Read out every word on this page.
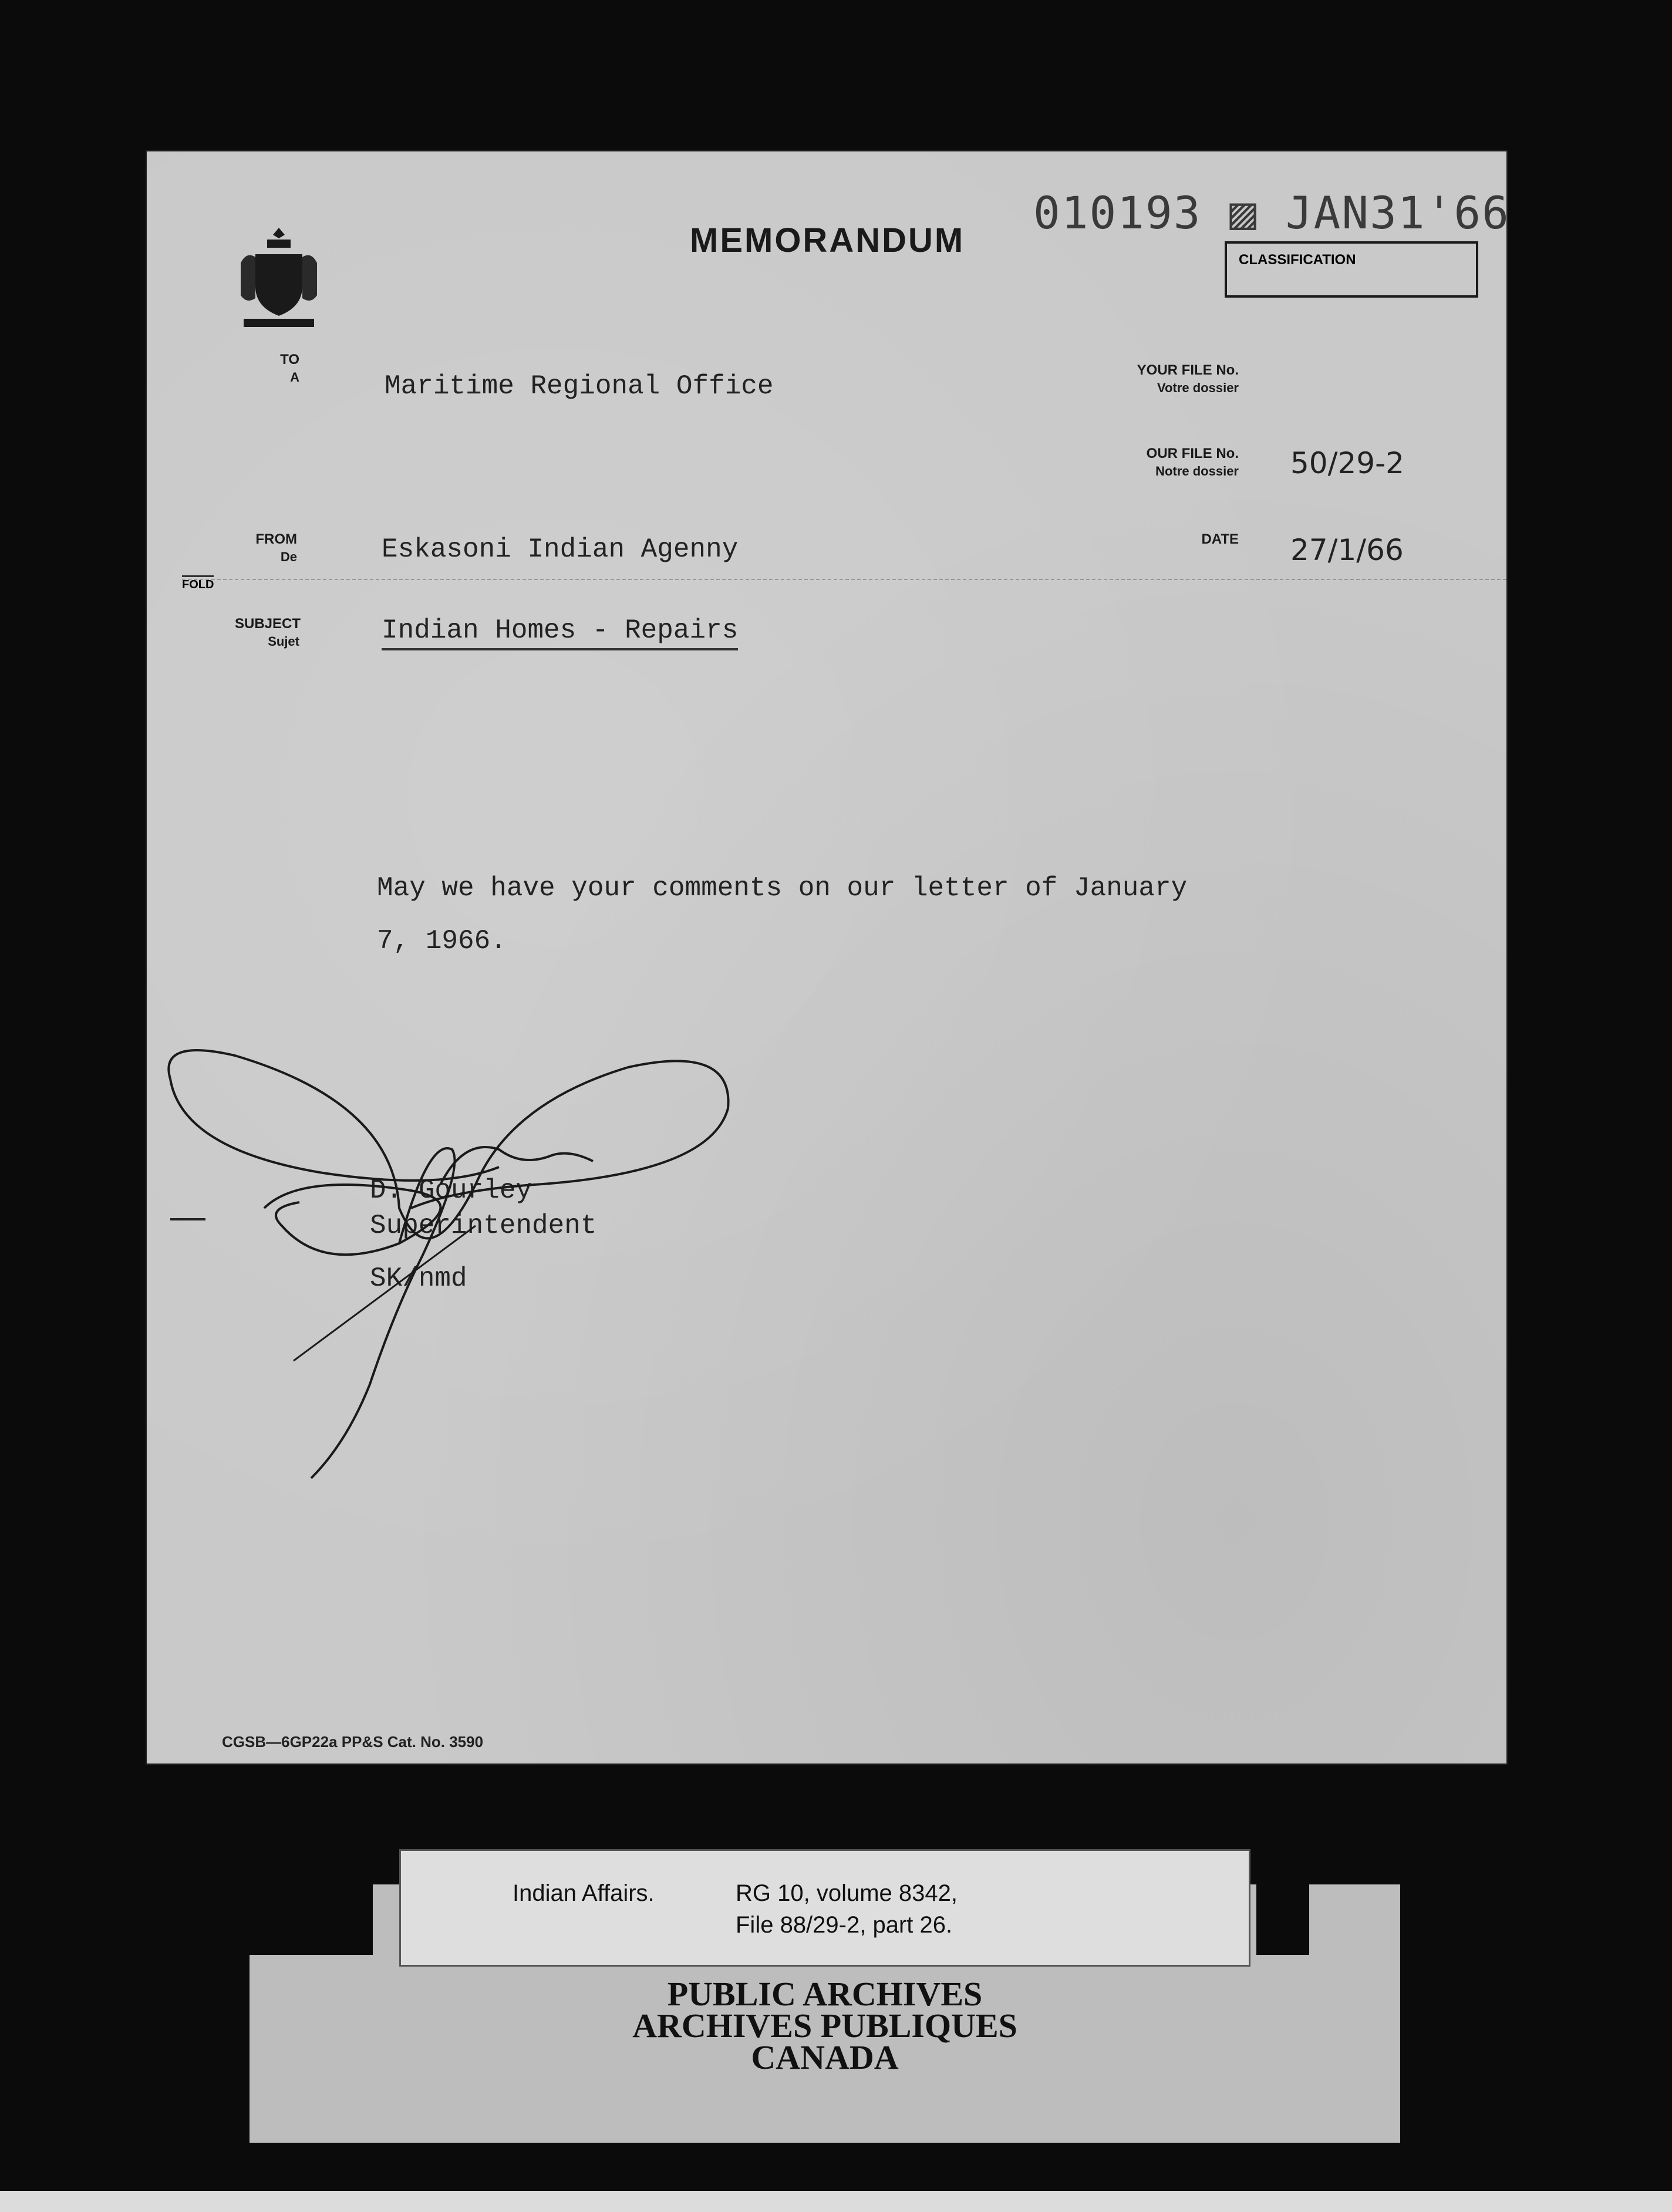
MEMORANDUM
010193 ▨ JAN31'66
CLASSIFICATION
TO
A	Maritime Regional Office
YOUR FILE No.
Votre dossier
OUR FILE No.
Notre dossier 50/29-2
FROM
De	Eskasoni Indian Agenny	DATE 27/1/66
FOLD
SUBJECT
Sujet	Indian Homes - Repairs
May we have your comments on our letter of January
7, 1966.
D. Gourley
Superintendent
SK/nmd
CGSB—6GP22a PP&S Cat. No. 3590
Indian Affairs.	RG 10, volume 8342,
File 88/29-2, part 26.
PUBLIC ARCHIVES
ARCHIVES PUBLIQUES
CANADA
